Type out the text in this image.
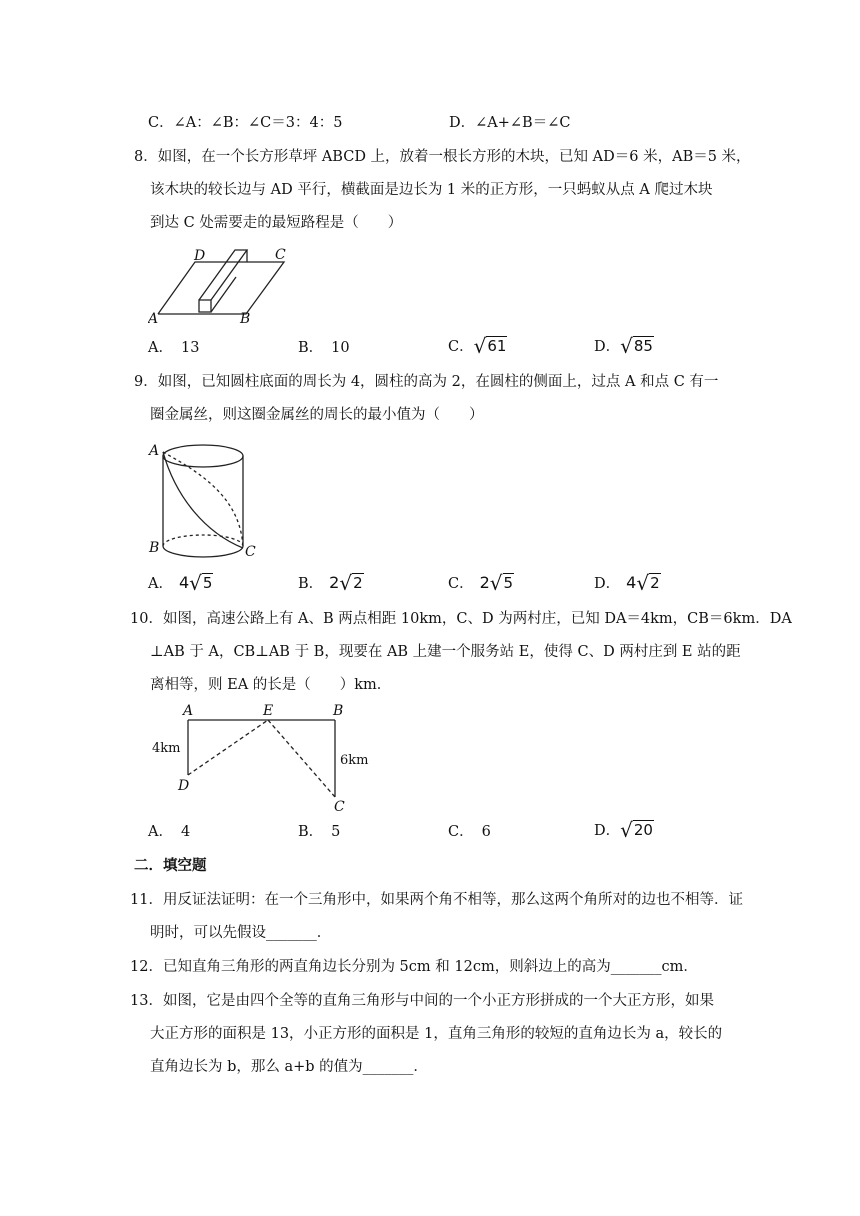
C．∠A：∠B：∠C＝3：4：5	D．∠A+∠B＝∠C
8．如图，在一个长方形草坪 ABCD 上，放着一根长方形的木块，已知 AD＝6 米，AB＝5 米，
该木块的较长边与 AD 平行，横截面是边长为 1 米的正方形，一只蚂蚁从点 A 爬过木块
到达 C 处需要走的最短路程是（　　）
A
D	C
B
A． 13	B． 10	C．√61	D．√85
9．如图，已知圆柱底面的周长为 4，圆柱的高为 2，在圆柱的侧面上，过点 A 和点 C 有一
圈金属丝，则这圈金属丝的周长的最小值为（　　）
A
B	C
A． 4√5	B． 2√2	C． 2√5	D． 4√2
10．如图，高速公路上有 A、B 两点相距 10km，C、D 为两村庄，已知 DA＝4km，CB＝6km．DA
⊥AB 于 A，CB⊥AB 于 B，现要在 AB 上建一个服务站 E，使得 C、D 两村庄到 E 站的距
离相等，则 EA 的长是（　　）km．
A	E	B
D
C
4km
6km
A． 4	B． 5	C． 6	D．√20
二．填空题
11．用反证法证明：在一个三角形中，如果两个角不相等，那么这两个角所对的边也不相等．证
明时，可以先假设_______．
12．已知直角三角形的两直角边长分别为 5cm 和 12cm，则斜边上的高为_______cm．
13．如图，它是由四个全等的直角三角形与中间的一个小正方形拼成的一个大正方形，如果
大正方形的面积是 13，小正方形的面积是 1，直角三角形的较短的直角边长为 a，较长的
直角边长为 b，那么 a+b 的值为_______．
